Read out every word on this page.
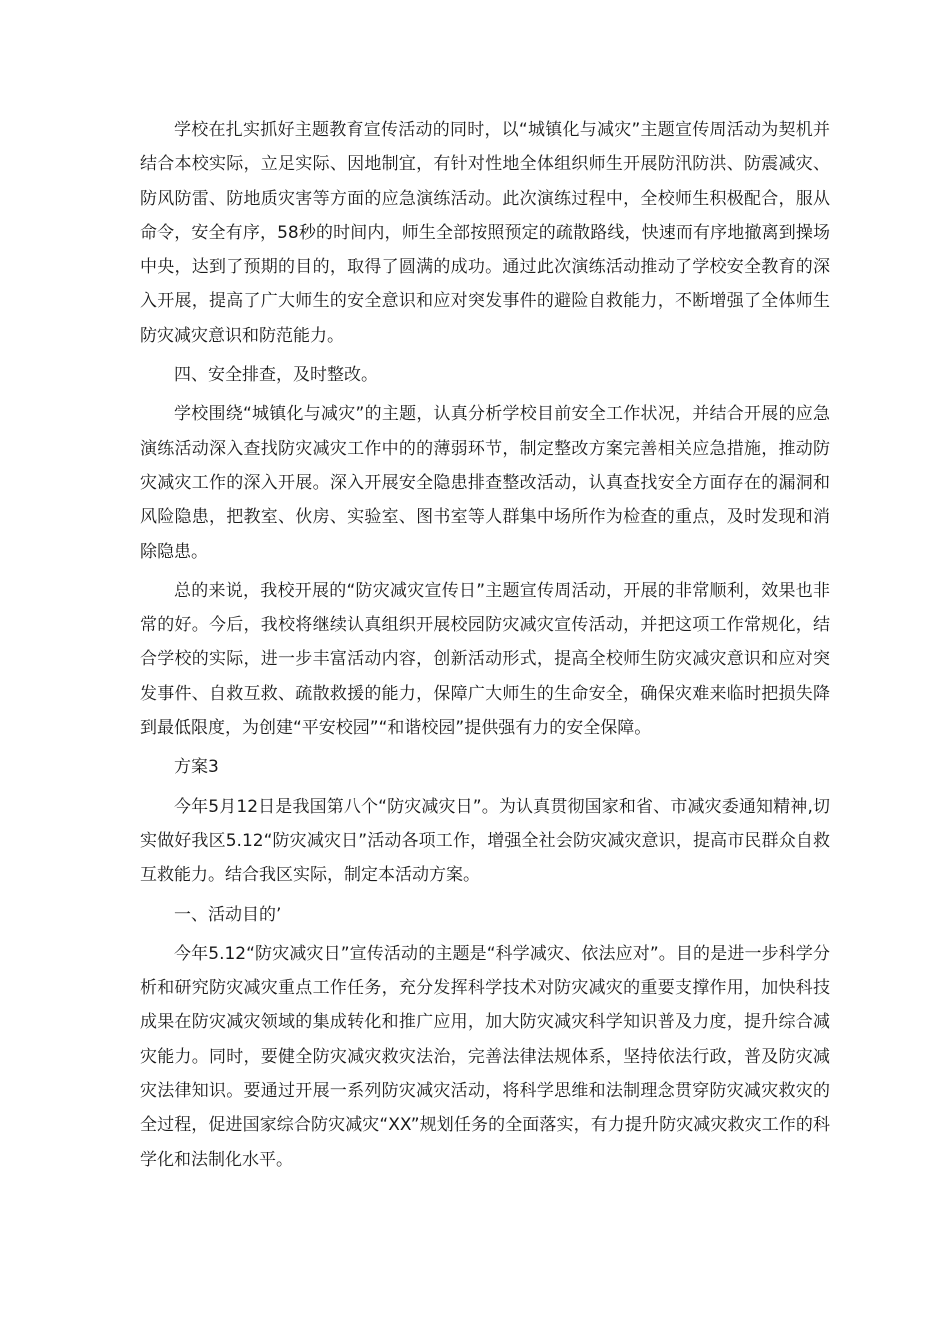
学校在扎实抓好主题教育宣传活动的同时，以“城镇化与减灾”主题宣传周活动为契机并结合本校实际，立足实际、因地制宜，有针对性地全体组织师生开展防汛防洪、防震减灾、防风防雷、防地质灾害等方面的应急演练活动。此次演练过程中，全校师生积极配合，服从命令，安全有序，58秒的时间内，师生全部按照预定的疏散路线，快速而有序地撤离到操场中央，达到了预期的目的，取得了圆满的成功。通过此次演练活动推动了学校安全教育的深入开展，提高了广大师生的安全意识和应对突发事件的避险自救能力，不断增强了全体师生防灾减灾意识和防范能力。

四、安全排查，及时整改。

学校围绕“城镇化与减灾”的主题，认真分析学校目前安全工作状况，并结合开展的应急演练活动深入查找防灾减灾工作中的的薄弱环节，制定整改方案完善相关应急措施，推动防灾减灾工作的深入开展。深入开展安全隐患排查整改活动，认真查找安全方面存在的漏洞和风险隐患，把教室、伙房、实验室、图书室等人群集中场所作为检查的重点，及时发现和消除隐患。

总的来说，我校开展的“防灾减灾宣传日”主题宣传周活动，开展的非常顺利，效果也非常的好。今后，我校将继续认真组织开展校园防灾减灾宣传活动，并把这项工作常规化，结合学校的实际，进一步丰富活动内容，创新活动形式，提高全校师生防灾减灾意识和应对突发事件、自救互救、疏散救援的能力，保障广大师生的生命安全，确保灾难来临时把损失降到最低限度，为创建“平安校园”“和谐校园”提供强有力的安全保障。

方案3

今年5月12日是我国第八个“防灾减灾日”。为认真贯彻国家和省、市减灾委通知精神,切实做好我区5.12“防灾减灾日”活动各项工作，增强全社会防灾减灾意识，提高市民群众自救互救能力。结合我区实际，制定本活动方案。

一、活动目的’

今年5.12“防灾减灾日”宣传活动的主题是“科学减灾、依法应对”。目的是进一步科学分析和研究防灾减灾重点工作任务，充分发挥科学技术对防灾减灾的重要支撑作用，加快科技成果在防灾减灾领域的集成转化和推广应用，加大防灾减灾科学知识普及力度，提升综合减灾能力。同时，要健全防灾减灾救灾法治，完善法律法规体系，坚持依法行政，普及防灾减灾法律知识。要通过开展一系列防灾减灾活动，将科学思维和法制理念贯穿防灾减灾救灾的全过程，促进国家综合防灾减灾“XX”规划任务的全面落实，有力提升防灾减灾救灾工作的科学化和法制化水平。
